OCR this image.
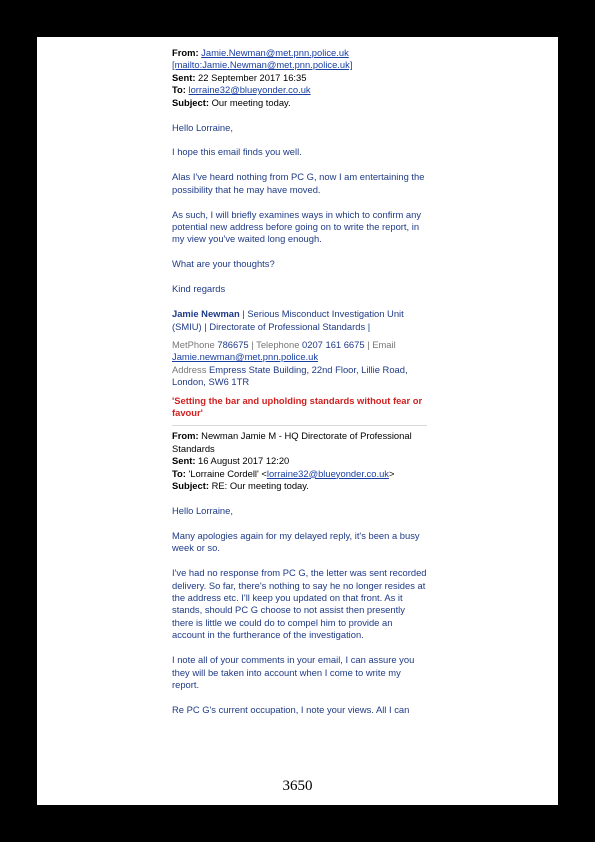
From: Jamie.Newman@met.pnn.police.uk
[mailto:Jamie.Newman@met.pnn.police.uk]
Sent: 22 September 2017 16:35
To: lorraine32@blueyonder.co.uk
Subject: Our meeting today.

Hello Lorraine,

I hope this email finds you well.

Alas I've heard nothing from PC G, now I am entertaining the possibility that he may have moved.

As such, I will briefly examines ways in which to confirm any potential new address before going on to write the report, in my view you've waited long enough.

What are your thoughts?

Kind regards

Jamie Newman | Serious Misconduct Investigation Unit (SMIU) | Directorate of Professional Standards |
MetPhone 786675 | Telephone 0207 161 6675 | Email
Jamie.newman@met.pnn.police.uk
Address Empress State Building, 22nd Floor, Lillie Road, London, SW6 1TR
'Setting the bar and upholding standards without fear or favour'
From: Newman Jamie M - HQ Directorate of Professional Standards
Sent: 16 August 2017 12:20
To: 'Lorraine Cordell' <lorraine32@blueyonder.co.uk>
Subject: RE: Our meeting today.

Hello Lorraine,

Many apologies again for my delayed reply, it's been a busy week or so.

I've had no response from PC G, the letter was sent recorded delivery. So far, there's nothing to say he no longer resides at the address etc. I'll keep you updated on that front. As it stands, should PC G choose to not assist then presently there is little we could do to compel him to provide an account in the furtherance of the investigation.

I note all of your comments in your email, I can assure you they will be taken into account when I come to write my report.

Re PC G's current occupation, I note your views. All I can

3650
